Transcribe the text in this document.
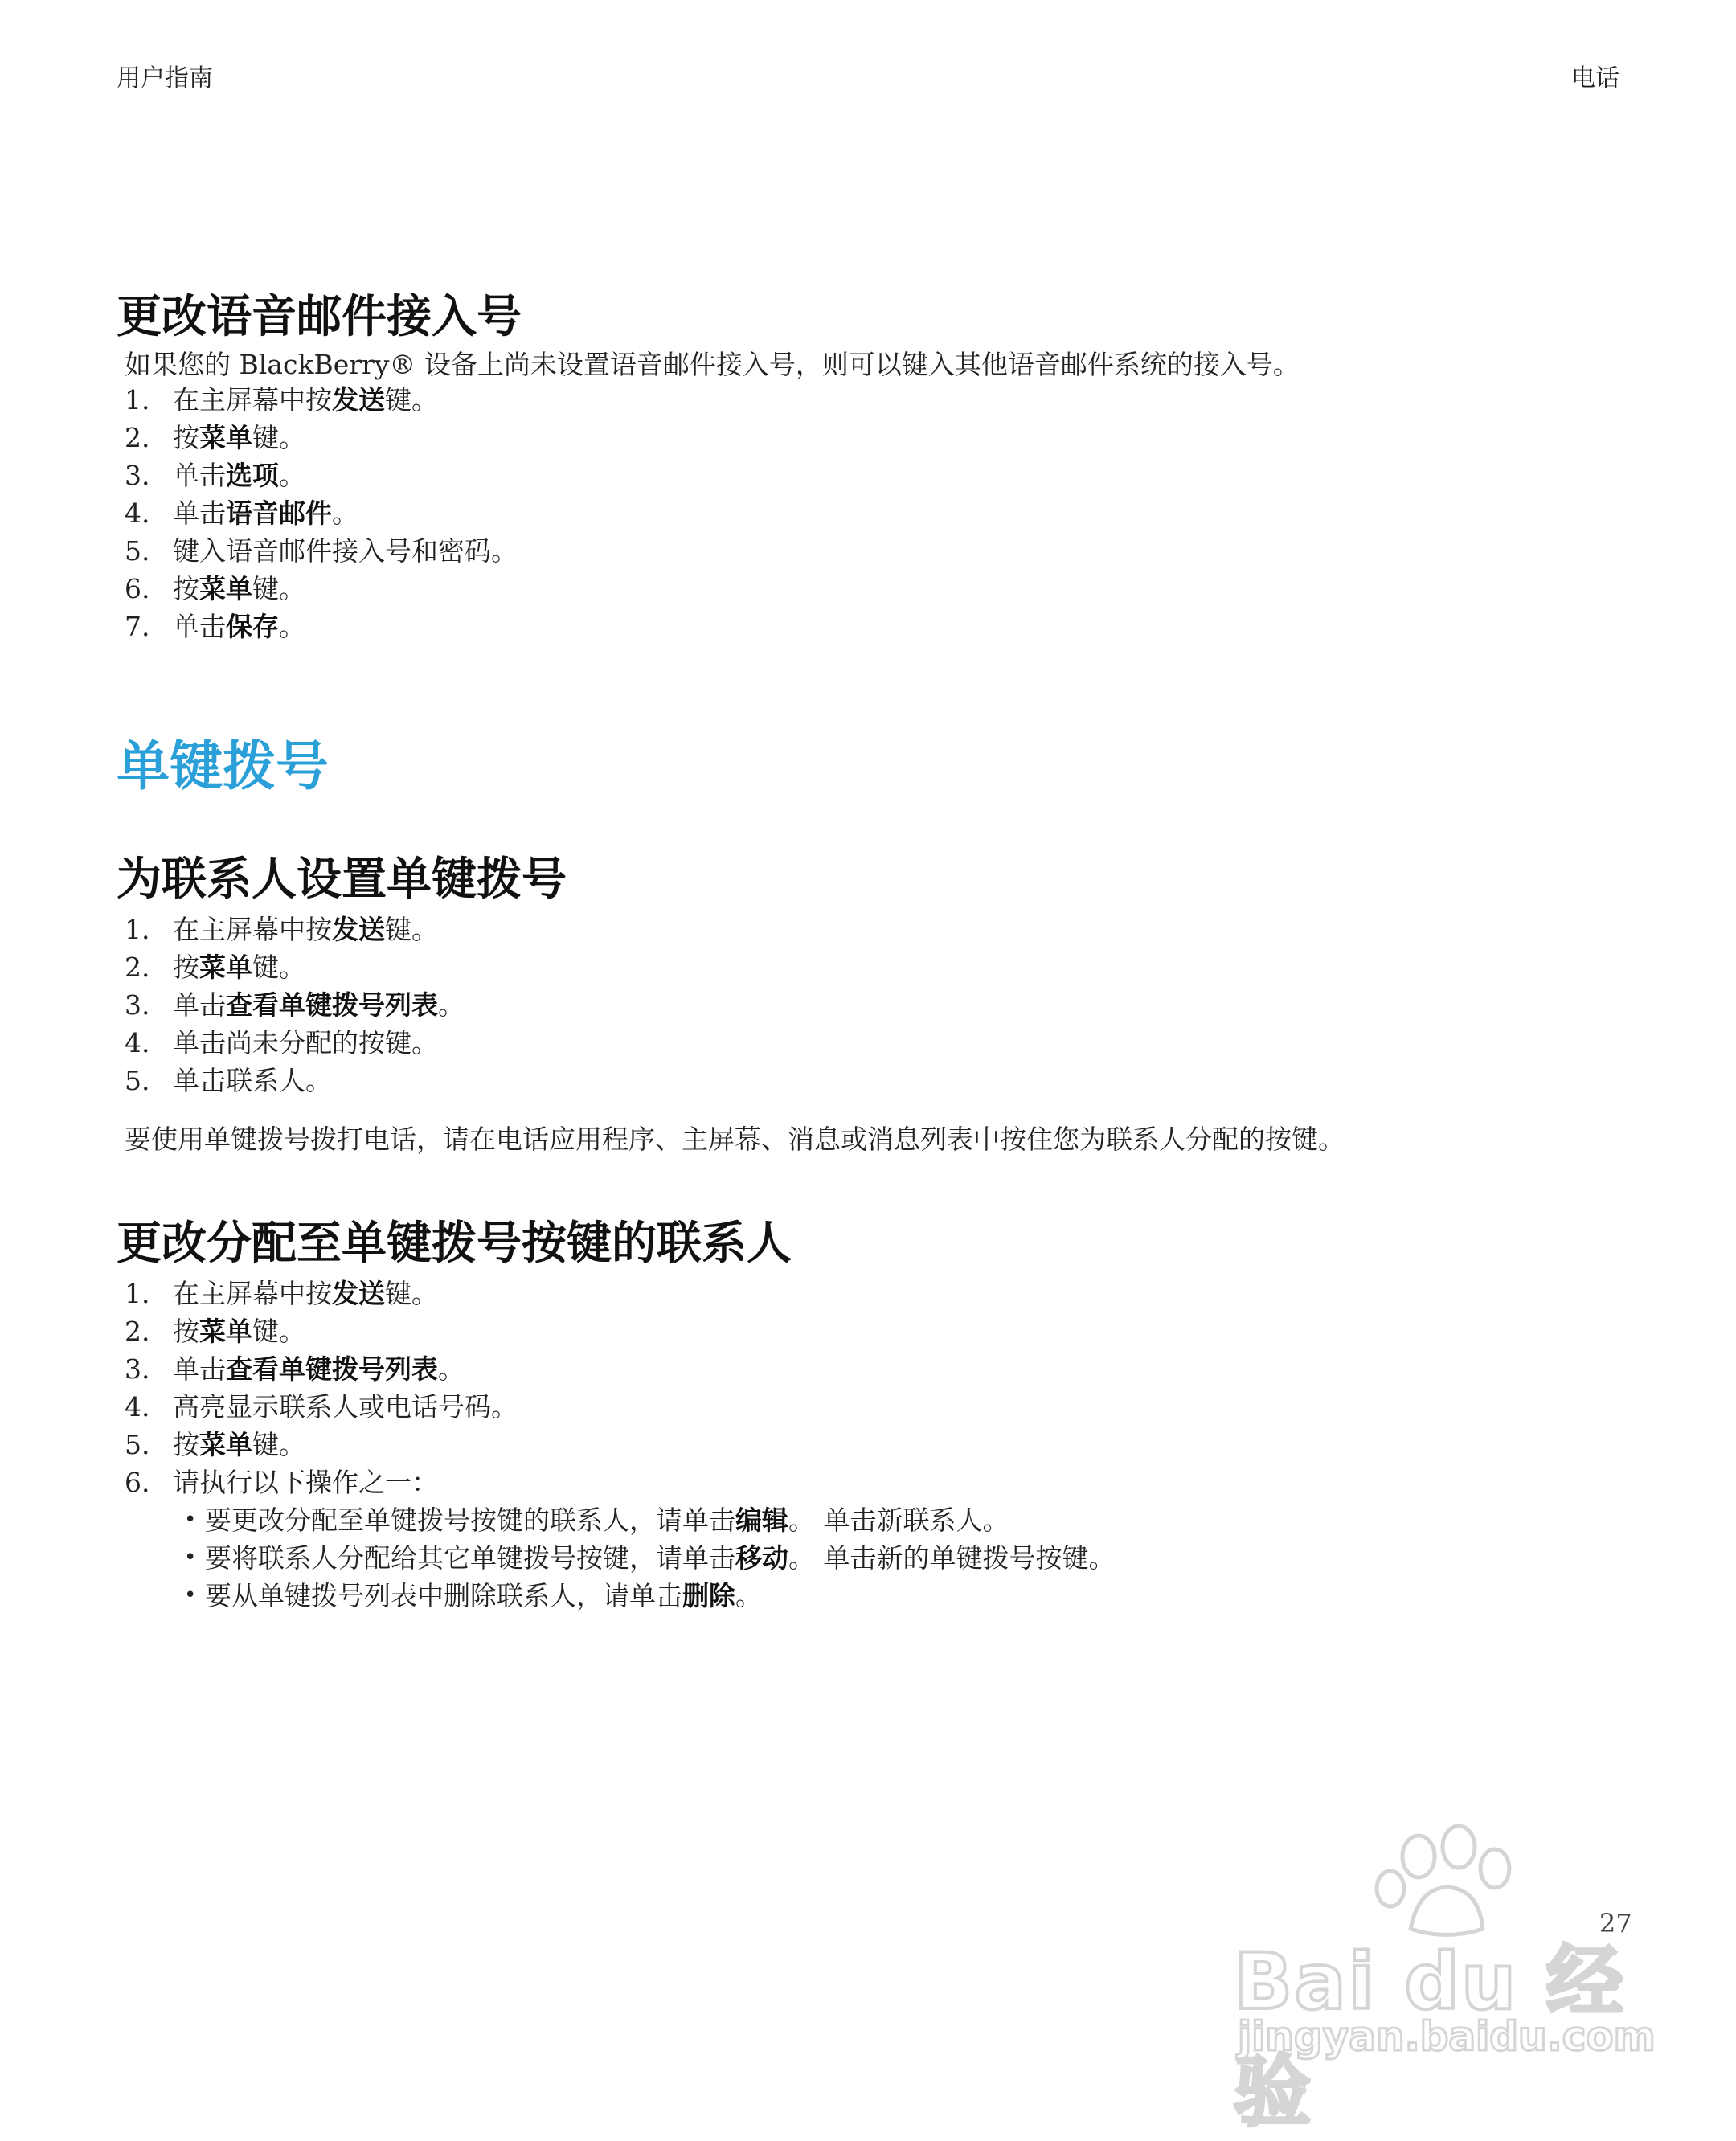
用户指南	电话
更改语音邮件接入号

如果您的 BlackBerry® 设备上尚未设置语音邮件接入号，则可以键入其他语音邮件系统的接入号。

1. 在主屏幕中按发送键。
2. 按菜单键。
3. 单击选项。
4. 单击语音邮件。
5. 键入语音邮件接入号和密码。
6. 按菜单键。
7. 单击保存。
单键拨号
为联系人设置单键拨号
1. 在主屏幕中按发送键。
2. 按菜单键。
3. 单击查看单键拨号列表。
4. 单击尚未分配的按键。
5. 单击联系人。

要使用单键拨号拨打电话，请在电话应用程序、主屏幕、消息或消息列表中按住您为联系人分配的按键。

更改分配至单键拨号按键的联系人
1. 在主屏幕中按发送键。
2. 按菜单键。
3. 单击查看单键拨号列表。
4. 高亮显示联系人或电话号码。
5. 按菜单键。
6. 请执行以下操作之一：
• 要更改分配至单键拨号按键的联系人，请单击编辑。 单击新联系人。
• 要将联系人分配给其它单键拨号按键，请单击移动。 单击新的单键拨号按键。
• 要从单键拨号列表中删除联系人，请单击删除。
Bai du 经验
jingyan.baidu.com
27
